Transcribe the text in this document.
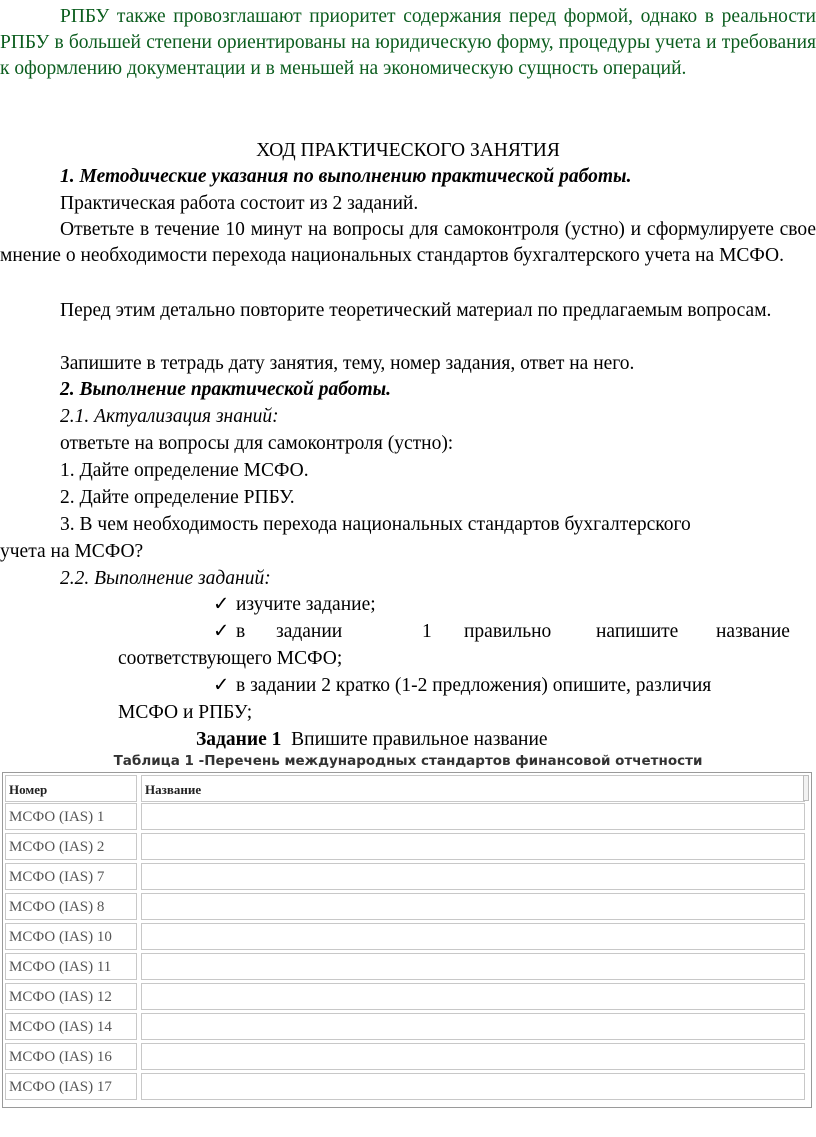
РПБУ также провозглашают приоритет содержания перед формой, однако в реальности РПБУ в большей степени ориентированы на юридическую форму, процедуры учета и требования к оформлению документации и в меньшей на экономическую сущность операций.

ХОД ПРАКТИЧЕСКОГО ЗАНЯТИЯ
1. Методические указания по выполнению практической работы.
Практическая работа состоит из 2 заданий.

Ответьте в течение 10 минут на вопросы для самоконтроля (устно) и сформулируете свое мнение о необходимости перехода национальных стандартов бухгалтерского учета на МСФО.

Перед этим детально повторите теоретический материал по предлагаемым вопросам.

Запишите в тетрадь дату занятия, тему, номер задания, ответ на него.
2. Выполнение практической работы.
2.1. Актуализация знаний:
ответьте на вопросы для самоконтроля (устно):
1. Дайте определение МСФО.
2. Дайте определение РПБУ.
3. В чем необходимость перехода национальных стандартов бухгалтерского
учета на МСФО?
2.2. Выполнение заданий:
✓ изучите задание;
✓ в задании	1 правильно напишите название
соответствующего МСФО;
✓ в задании 2 кратко (1-2 предложения) опишите, различия
МСФО и РПБУ;
Задание 1 Впишите правильное название
Таблица 1 -Перечень международных стандартов финансовой отчетности
Номер	Название
МСФО (IAS) 1
МСФО (IAS) 2
МСФО (IAS) 7
МСФО (IAS) 8
МСФО (IAS) 10
МСФО (IAS) 11
МСФО (IAS) 12
МСФО (IAS) 14
МСФО (IAS) 16
МСФО (IAS) 17
